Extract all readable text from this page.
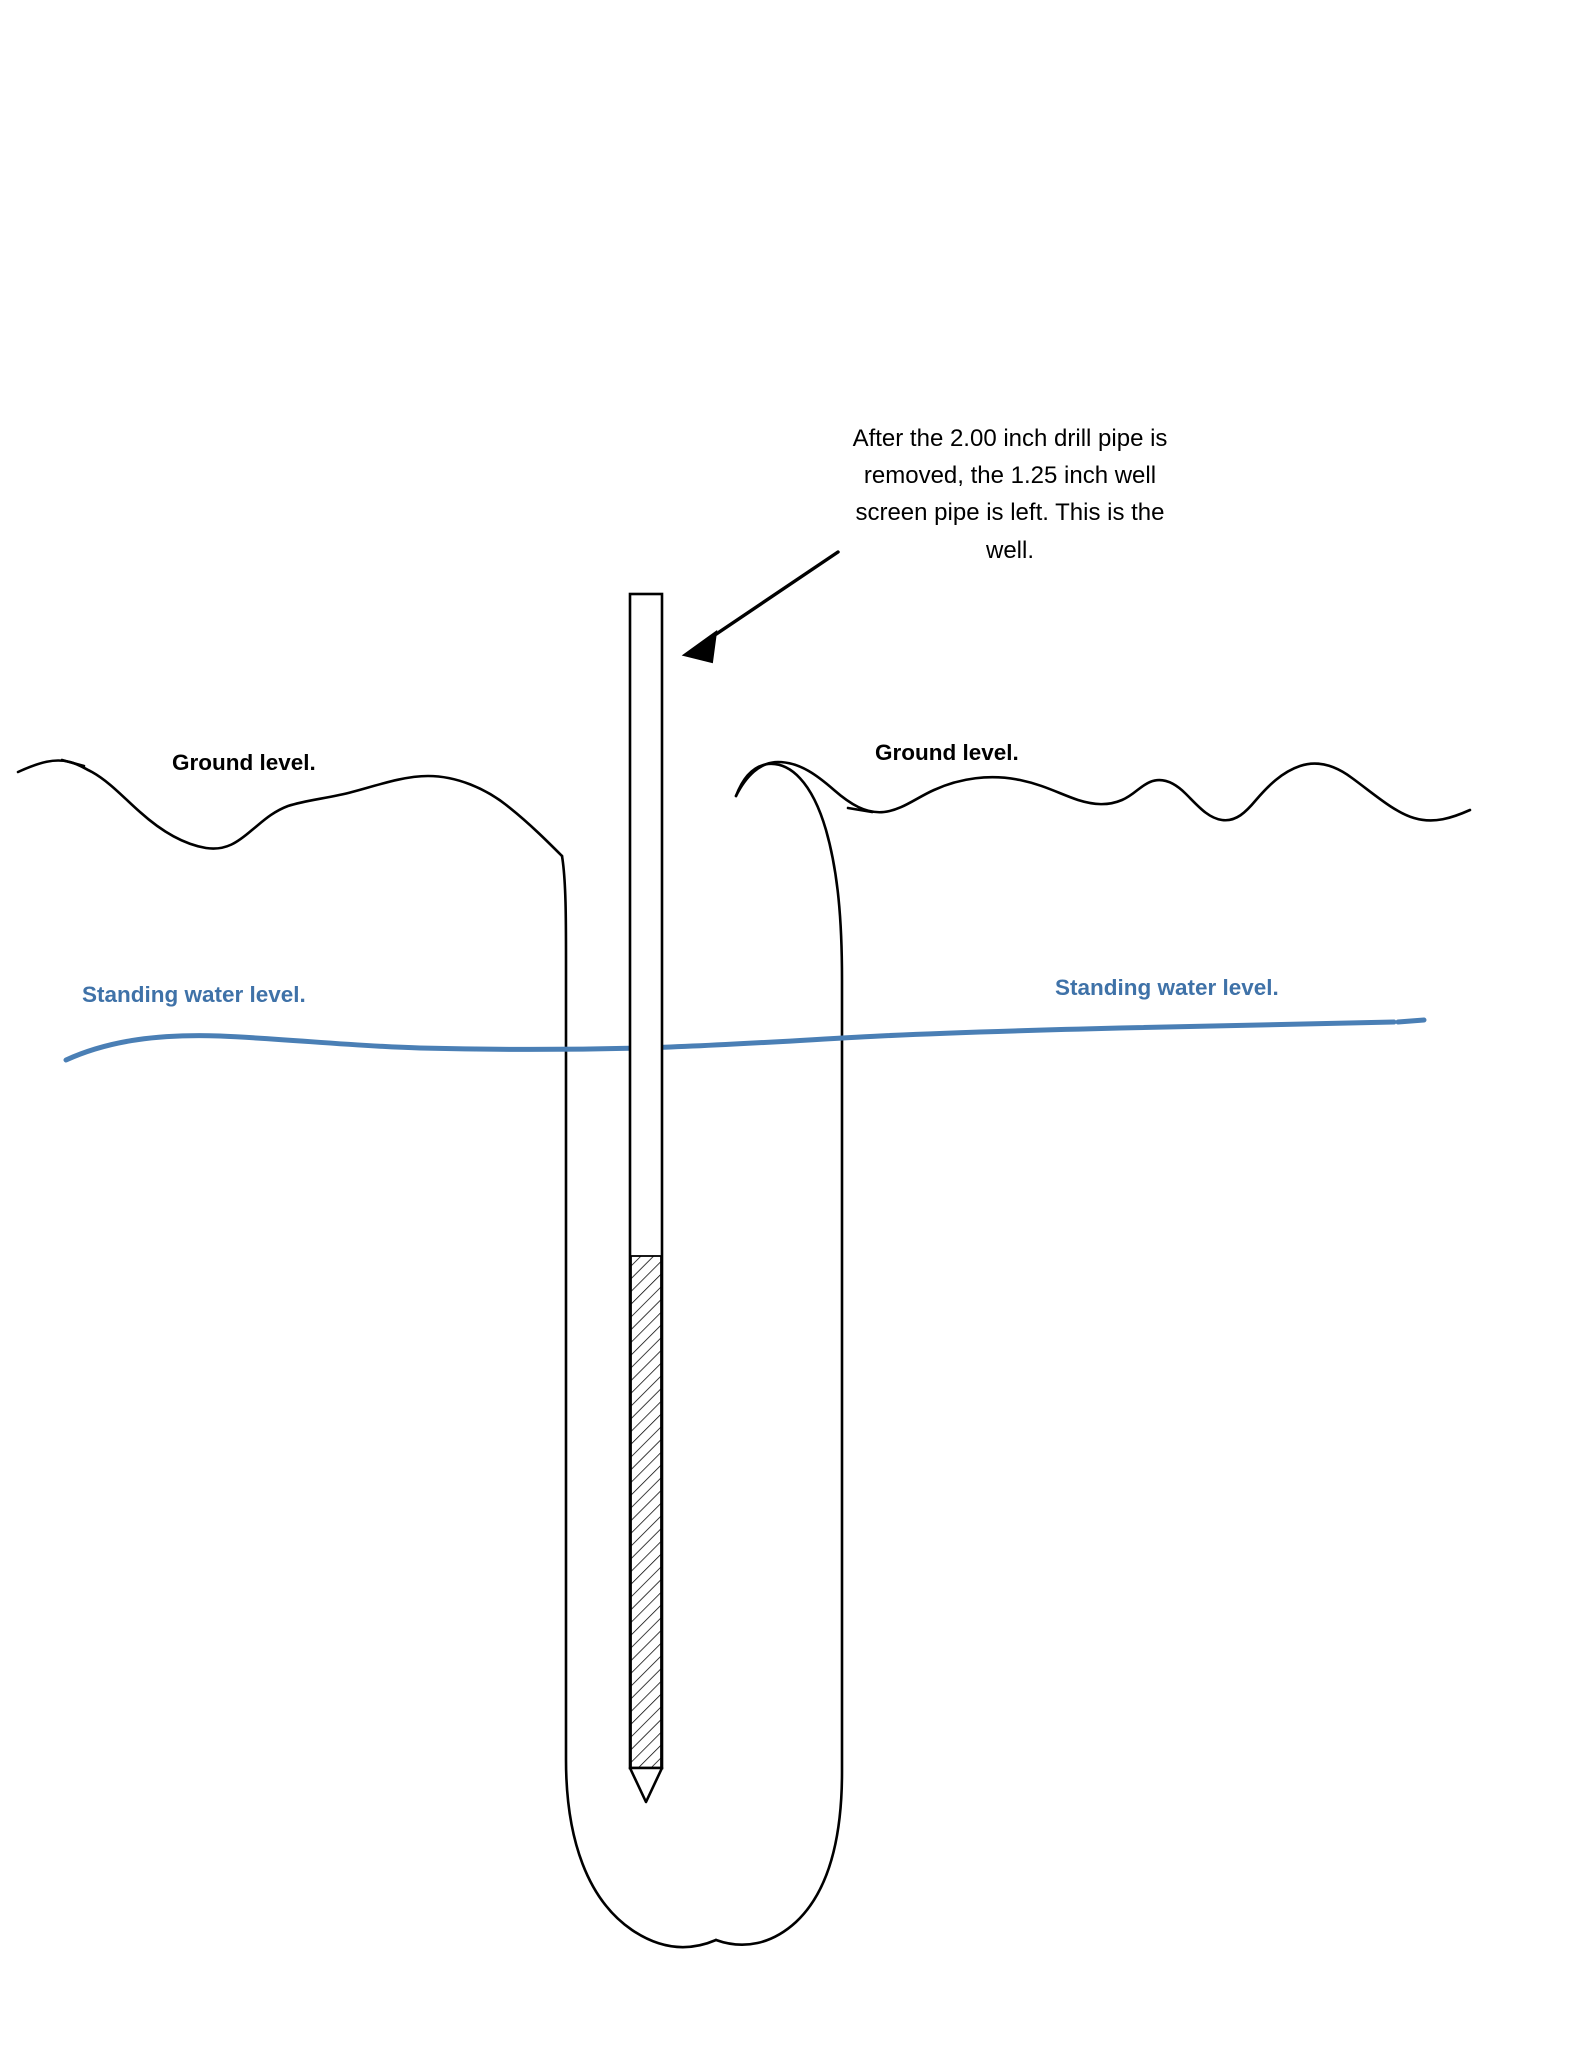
After the 2.00 inch drill pipe is removed, the 1.25 inch well screen pipe is left. This is the well.
Ground level.	Ground level.
Standing water level.	Standing water level.
